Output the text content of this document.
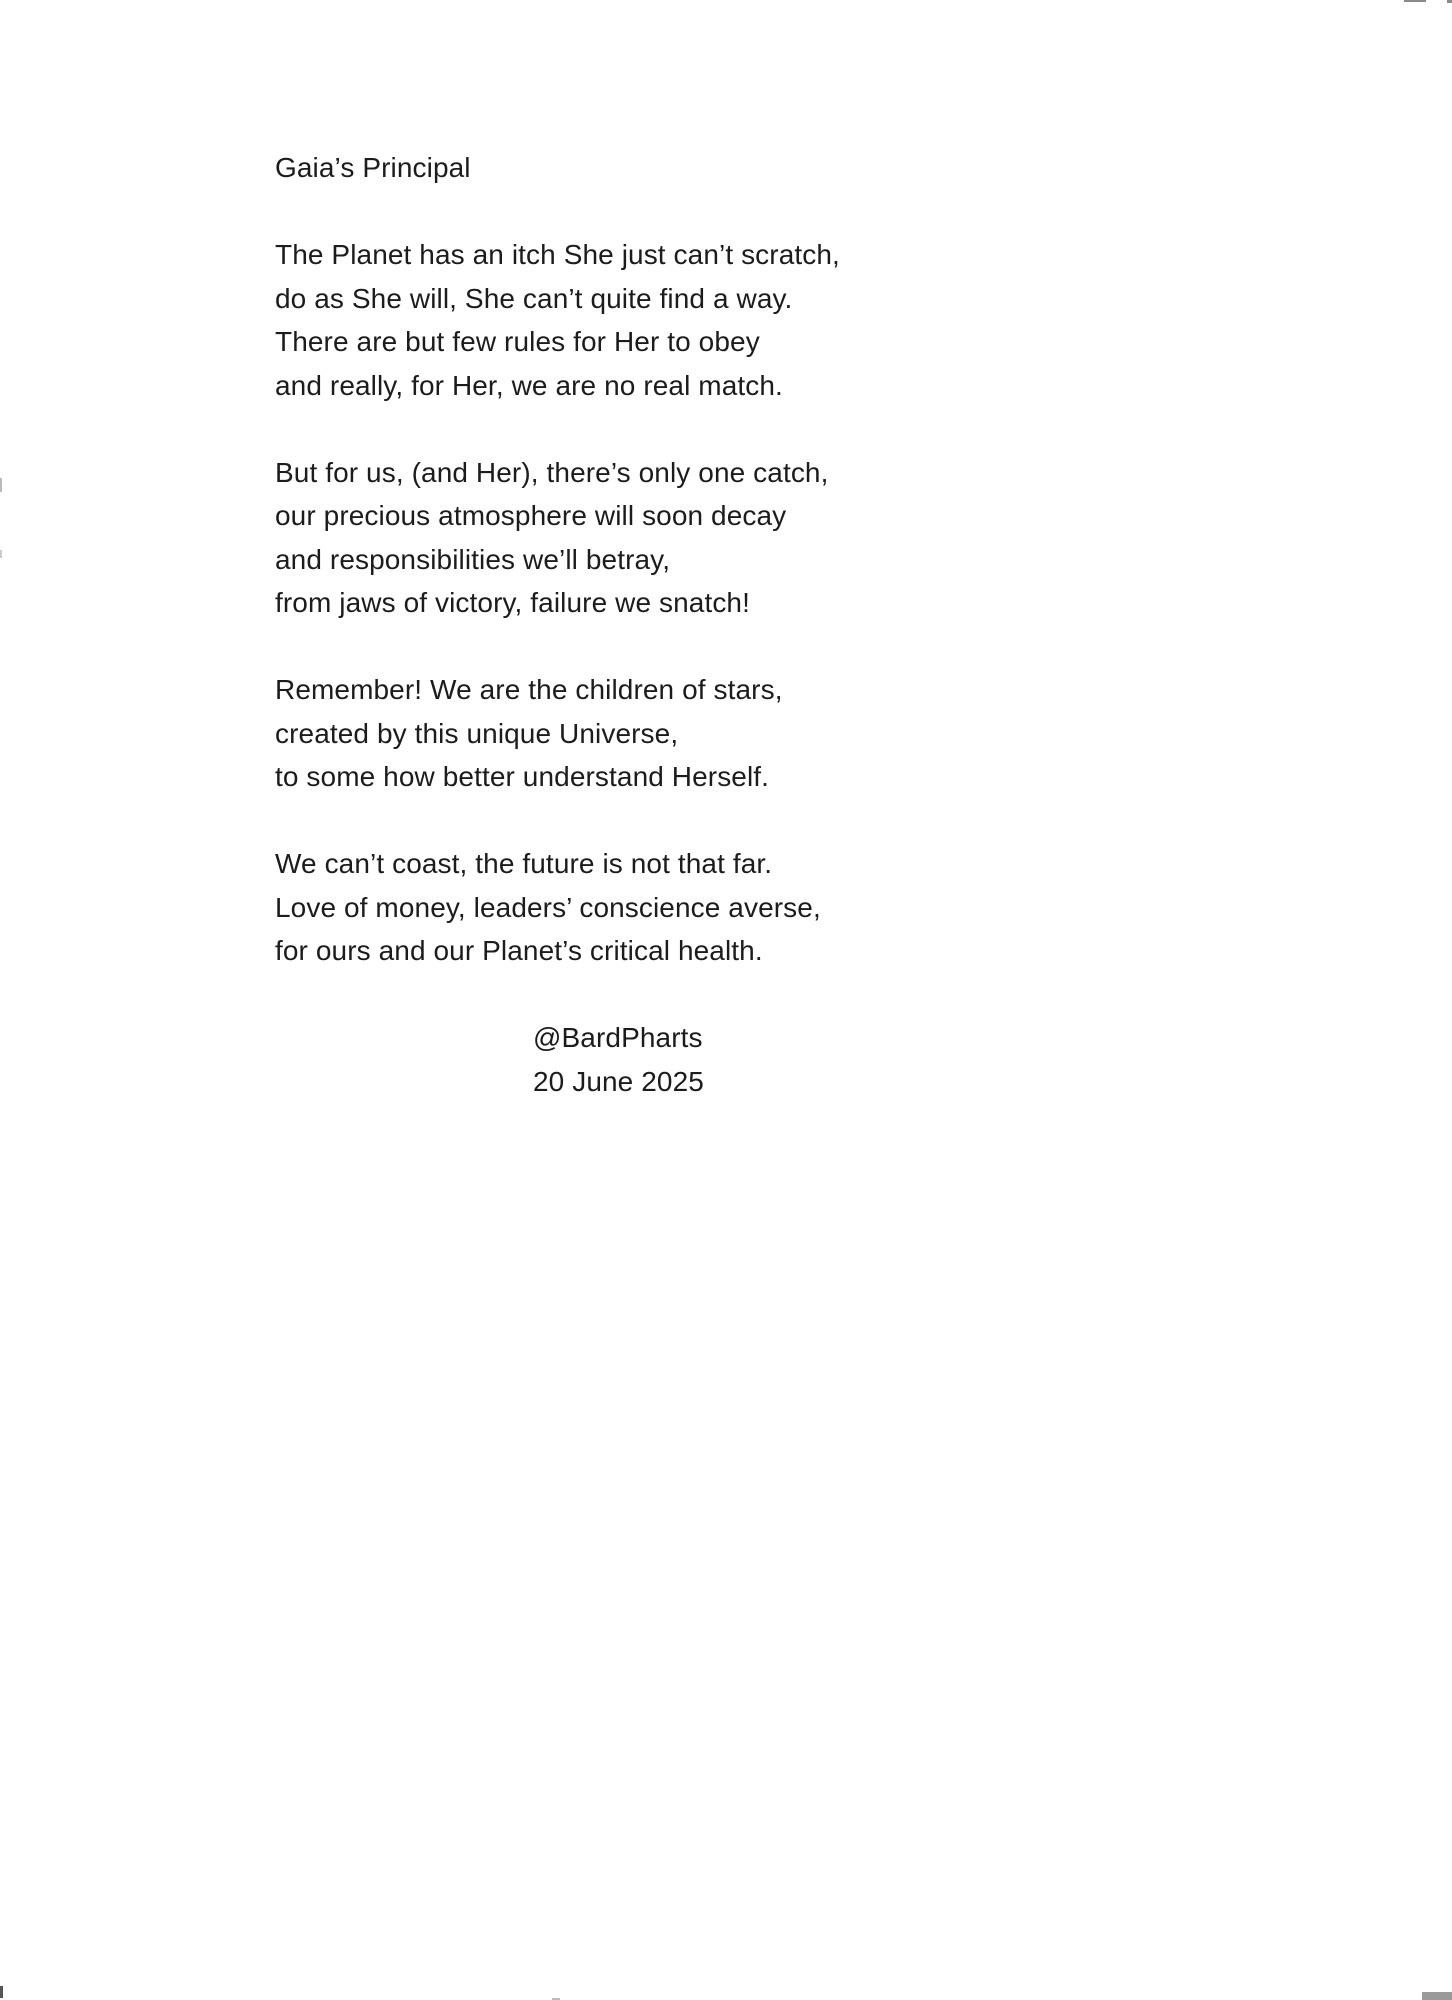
Gaia’s Principal
The Planet has an itch She just can’t scratch,
do as She will, She can’t quite find a way.
There are but few rules for Her to obey
and really, for Her, we are no real match.
But for us, (and Her), there’s only one catch,
our precious atmosphere will soon decay
and responsibilities we’ll betray,
from jaws of victory, failure we snatch!
Remember! We are the children of stars,
created by this unique Universe,
to some how better understand Herself.
We can’t coast, the future is not that far.
Love of money, leaders’ conscience averse,
for ours and our Planet’s critical health.
@BardPharts
20 June 2025
